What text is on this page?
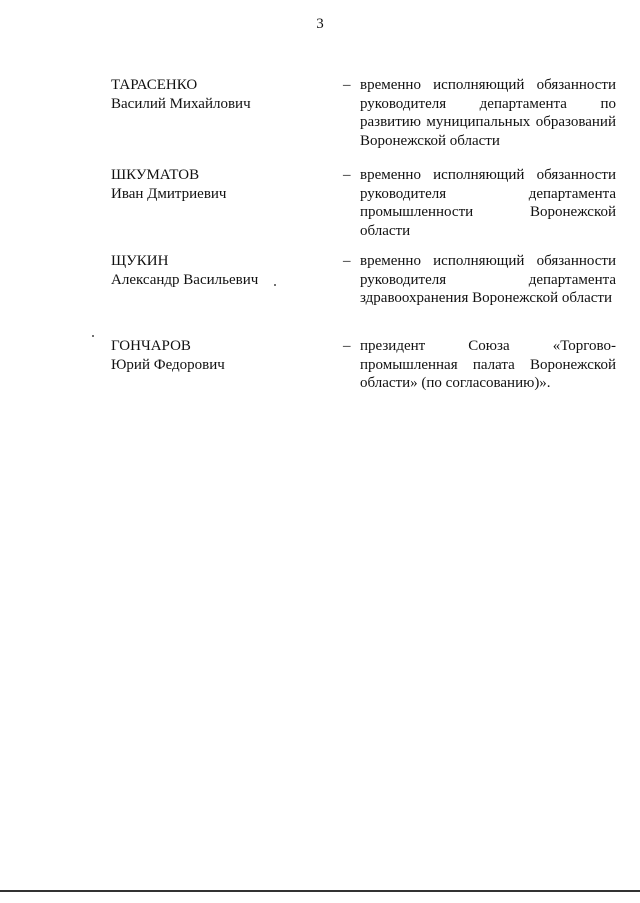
3
ТАРАСЕНКО
Василий Михайлович
– временно исполняющий обязанности
руководителя департамента по
развитию муниципальных образований
Воронежской области
ШКУМАТОВ
Иван Дмитриевич
– временно исполняющий обязанности
руководителя департамента
промышленности Воронежской
области
ЩУКИН
Александр Васильевич
– временно исполняющий обязанности
руководителя департамента
здравоохранения Воронежской области
ГОНЧАРОВ
Юрий Федорович
– президент Союза «Торгово-
промышленная палата Воронежской
области» (по согласованию)».
